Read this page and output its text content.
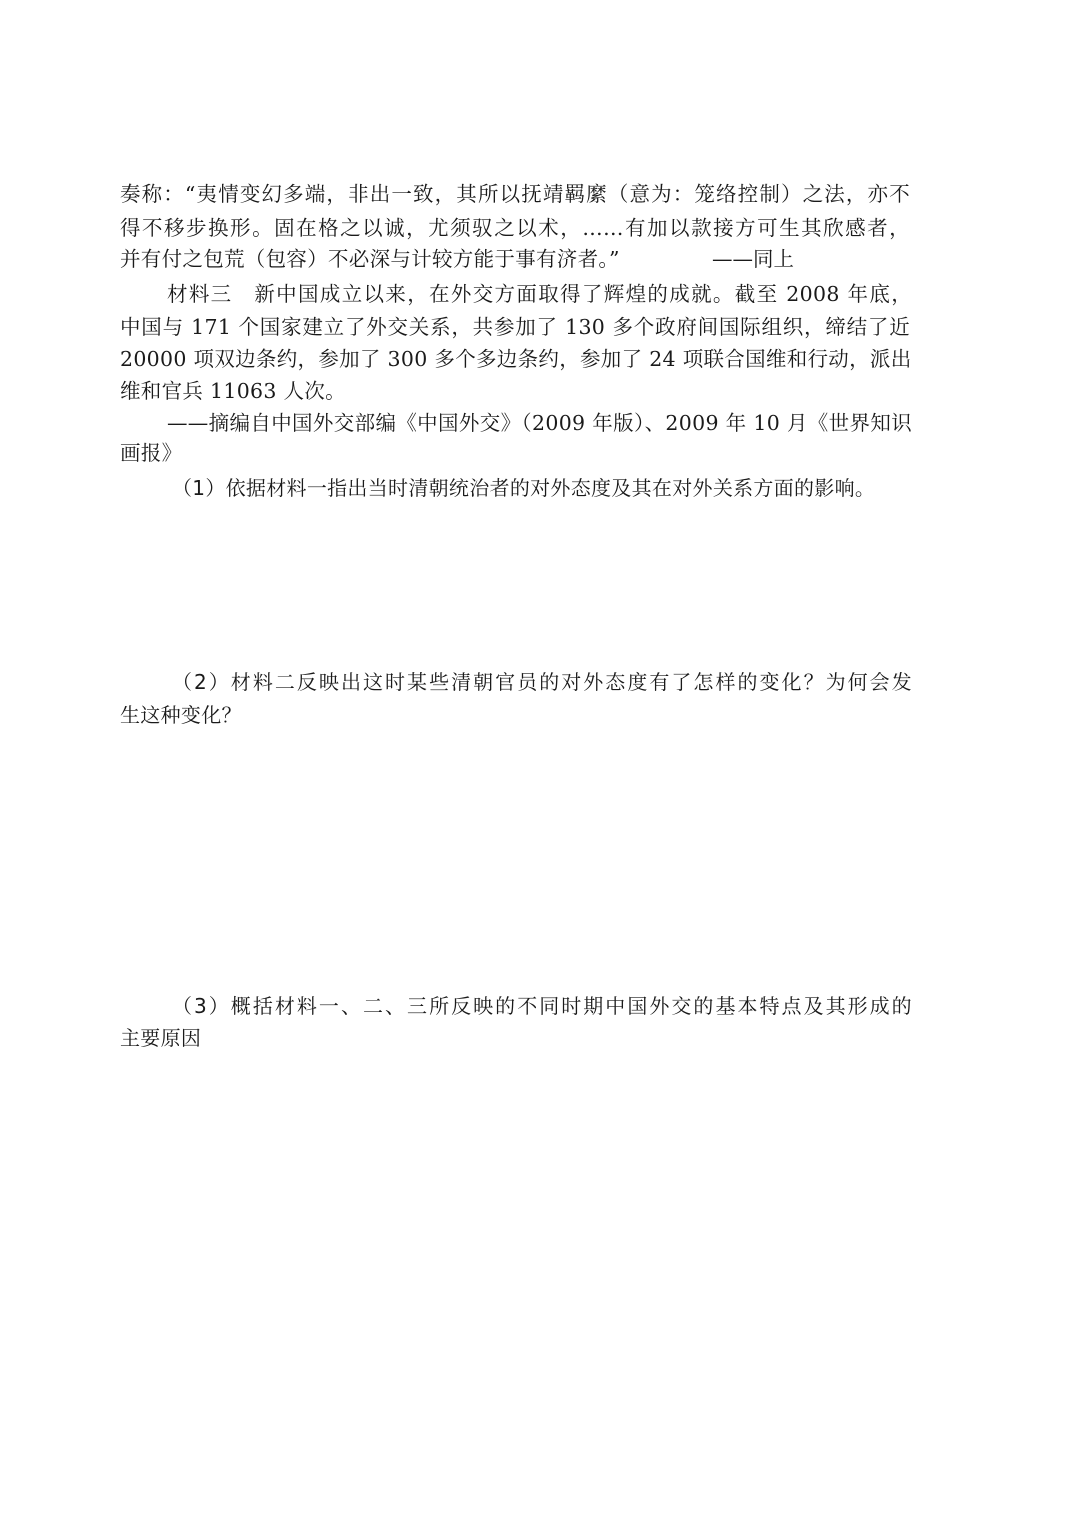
奏称：“夷情变幻多端，非出一致，其所以抚靖羁縻（意为：笼络控制）之法，亦不
得不移步换形。固在格之以诚，尤须驭之以术，……有加以款接方可生其欣感者，
并有付之包荒（包容）不必深与计较方能于事有济者。”	——同上
材料三　新中国成立以来，在外交方面取得了辉煌的成就。截至 2008 年底，
中国与 171 个国家建立了外交关系，共参加了 130 多个政府间国际组织，缔结了近
20000 项双边条约，参加了 300 多个多边条约，参加了 24 项联合国维和行动，派出
维和官兵 11063 人次。
——摘编自中国外交部编《中国外交》（2009 年版）、2009 年 10 月《世界知识
画报》
（1）依据材料一指出当时清朝统治者的对外态度及其在对外关系方面的影响。
（2）材料二反映出这时某些清朝官员的对外态度有了怎样的变化？为何会发
生这种变化？
（3）概括材料一、二、三所反映的不同时期中国外交的基本特点及其形成的
主要原因
